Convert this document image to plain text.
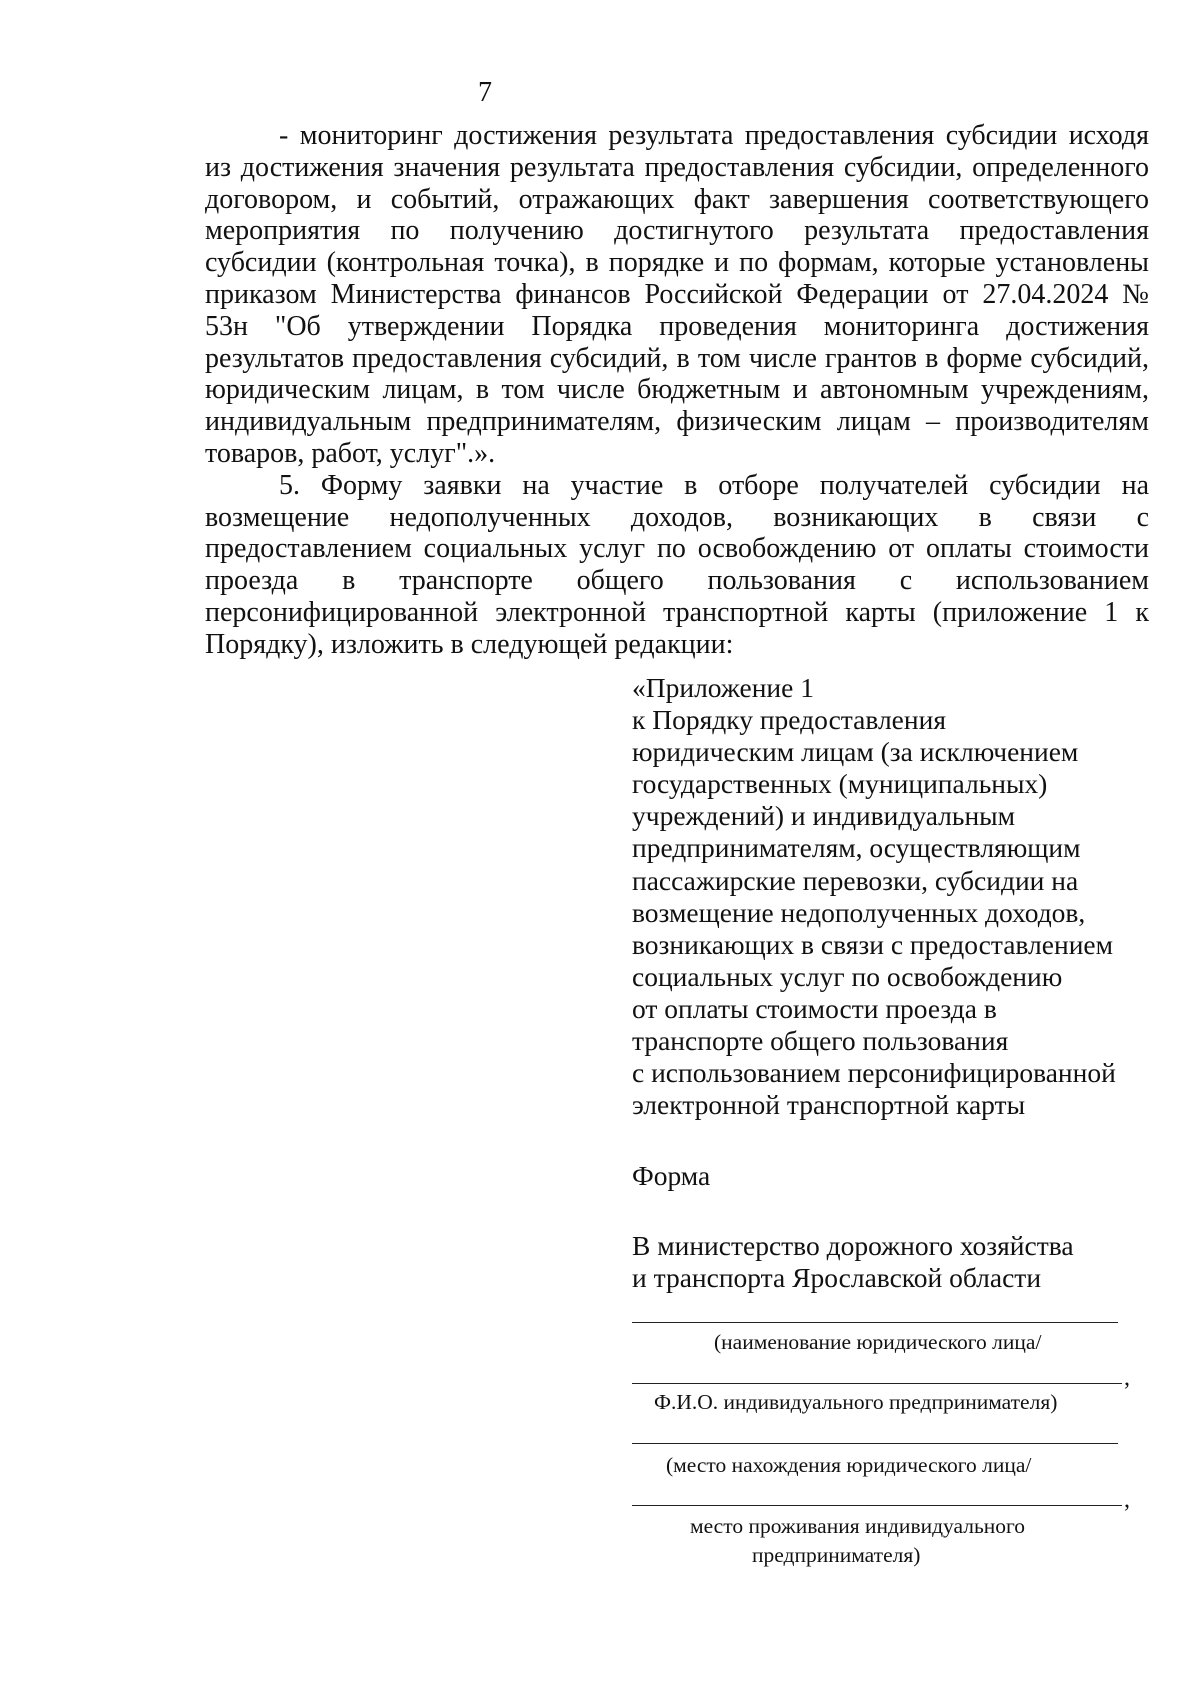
7

- мониторинг достижения результата предоставления субсидии исходя из достижения значения результата предоставления субсидии, определенного договором, и событий, отражающих факт завершения соответствующего мероприятия по получению достигнутого результата предоставления субсидии (контрольная точка), в порядке и по формам, которые установлены приказом Министерства финансов Российской Федерации от 27.04.2024 № 53н "Об утверждении Порядка проведения мониторинга достижения результатов предоставления субсидий, в том числе грантов в форме субсидий, юридическим лицам, в том числе бюджетным и автономным учреждениям, индивидуальным предпринимателям, физическим лицам – производителям товаров, работ, услуг".».

5. Форму заявки на участие в отборе получателей субсидии на возмещение недополученных доходов, возникающих в связи с предоставлением социальных услуг по освобождению от оплаты стоимости проезда в транспорте общего пользования с использованием персонифицированной электронной транспортной карты (приложение 1 к Порядку), изложить в следующей редакции:

«Приложение 1
к Порядку предоставления
юридическим лицам (за исключением
государственных (муниципальных)
учреждений) и индивидуальным
предпринимателям, осуществляющим
пассажирские перевозки, субсидии на
возмещение недополученных доходов,
возникающих в связи с предоставлением
социальных услуг по освобождению
от оплаты стоимости проезда в
транспорте общего пользования
с использованием персонифицированной
электронной транспортной карты
Форма
В министерство дорожного хозяйства
и транспорта Ярославской области
(наименование юридического лица/
,
Ф.И.О. индивидуального предпринимателя)
(место нахождения юридического лица/
,
место проживания индивидуального
предпринимателя)
